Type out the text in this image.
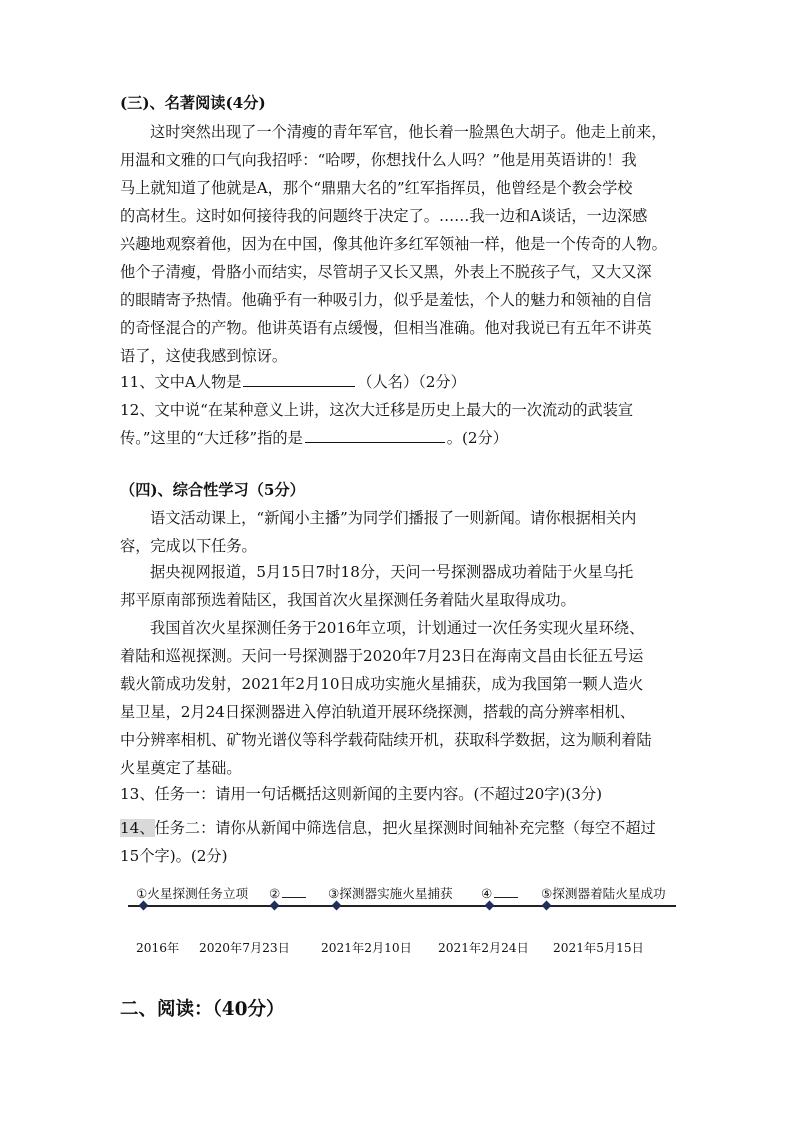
(三)、名著阅读(4分)
这时突然出现了一个清瘦的青年军官，他长着一脸黑色大胡子。他走上前来，
用温和文雅的口气向我招呼：“哈啰，你想找什么人吗？”他是用英语讲的！我
马上就知道了他就是A，那个“鼎鼎大名的”红军指挥员，他曾经是个教会学校
的高材生。这时如何接待我的问题终于决定了。……我一边和A谈话，一边深感
兴趣地观察着他，因为在中国，像其他许多红军领袖一样，他是一个传奇的人物。
他个子清瘦，骨胳小而结实，尽管胡子又长又黑，外表上不脱孩子气，又大又深
的眼睛寄予热情。他确乎有一种吸引力，似乎是羞怯，个人的魅力和领袖的自信
的奇怪混合的产物。他讲英语有点缓慢，但相当准确。他对我说已有五年不讲英
语了，这使我感到惊讶。
11、文中A人物是	（人名）（2分）
12、文中说“在某种意义上讲，这次大迁移是历史上最大的一次流动的武装宣
传。”这里的“大迁移”指的是	。(2分）
（四)、综合性学习（5分）
语文活动课上，“新闻小主播”为同学们播报了一则新闻。请你根据相关内
容，完成以下任务。
据央视网报道，5月15日7时18分，天问一号探测器成功着陆于火星乌托
邦平原南部预选着陆区，我国首次火星探测任务着陆火星取得成功。
我国首次火星探测任务于2016年立项，计划通过一次任务实现火星环绕、
着陆和巡视探测。天问一号探测器于2020年7月23日在海南文昌由长征五号运
载火箭成功发射，2021年2月10日成功实施火星捕获，成为我国第一颗人造火
星卫星，2月24日探测器进入停泊轨道开展环绕探测，搭载的高分辨率相机、
中分辨率相机、矿物光谱仪等科学载荷陆续开机，获取科学数据，这为顺利着陆
火星奠定了基础。
13、任务一：请用一句话概括这则新闻的主要内容。(不超过20字)(3分)
14、任务二：请你从新闻中筛选信息，把火星探测时间轴补充完整（每空不超过
15个字)。(2分)
①火星探测任务立项 ②	③探测器实施火星捕获 ④	⑤探测器着陆火星成功
2016年 2020年7月23日	2021年2月10日 2021年2月24日 2021年5月15日
二、阅读：（40分）
